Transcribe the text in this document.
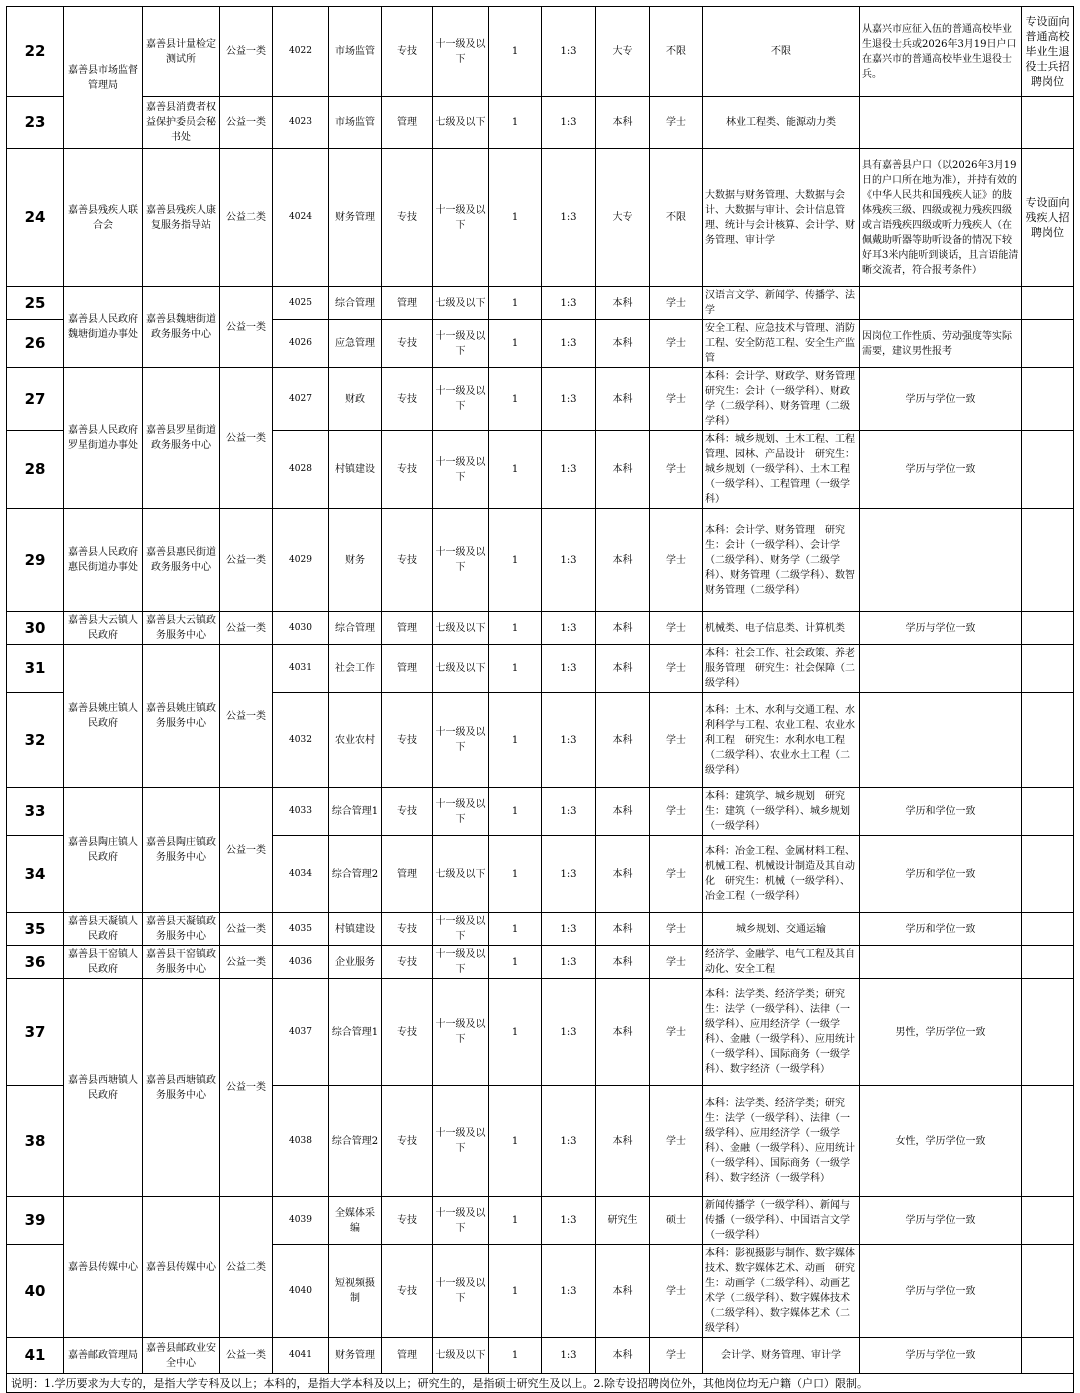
22	嘉善县市场监督管理局	嘉善县计量检定测试所	公益一类	4022	市场监管	专技	十一级及以下	1	1:3	大专	不限	不限	从嘉兴市应征入伍的普通高校毕业生退役士兵或2026年3月19日户口在嘉兴市的普通高校毕业生退役士兵。	专设面向普通高校毕业生退役士兵招聘岗位
23		嘉善县消费者权益保护委员会秘书处	公益一类	4023	市场监管	管理	七级及以下	1	1:3	本科	学士	林业工程类、能源动力类		
24	嘉善县残疾人联合会	嘉善县残疾人康复服务指导站	公益二类	4024	财务管理	专技	十一级及以下	1	1:3	大专	不限	大数据与财务管理、大数据与会计、大数据与审计、会计信息管理、统计与会计核算、会计学、财务管理、审计学	具有嘉善县户口（以2026年3月19日的户口所在地为准），并持有效的《中华人民共和国残疾人证》的肢体残疾三级、四级或视力残疾四级或言语残疾四级或听力残疾人（在佩戴助听器等助听设备的情况下较好耳3米内能听到谈话，且言语能清晰交流者，符合报考条件）	专设面向残疾人招聘岗位
25	嘉善县人民政府魏塘街道办事处	嘉善县魏塘街道政务服务中心	公益一类	4025	综合管理	管理	七级及以下	1	1:3	本科	学士	汉语言文学、新闻学、传播学、法学		
26				4026	应急管理	专技	十一级及以下	1	1:3	本科	学士	安全工程、应急技术与管理、消防工程、安全防范工程、安全生产监管	因岗位工作性质、劳动强度等实际需要，建议男性报考	
27	嘉善县人民政府罗星街道办事处	嘉善县罗星街道政务服务中心	公益一类	4027	财政	专技	十一级及以下	1	1:3	本科	学士	本科：会计学、财政学、财务管理　　研究生：会计（一级学科）、财政学（二级学科）、财务管理（二级学科）	学历与学位一致	
28				4028	村镇建设	专技	十一级及以下	1	1:3	本科	学士	本科：城乡规划、土木工程、工程管理、园林、产品设计　研究生：城乡规划（一级学科）、土木工程（一级学科）、工程管理（一级学科）	学历与学位一致	
29	嘉善县人民政府惠民街道办事处	嘉善县惠民街道政务服务中心	公益一类	4029	财务	专技	十一级及以下	1	1:3	本科	学士	本科：会计学、财务管理　研究生：会计（一级学科）、会计学（二级学科）、财务学（二级学科）、财务管理（二级学科）、数智财务管理（二级学科）		
30	嘉善县大云镇人民政府	嘉善县大云镇政务服务中心	公益一类	4030	综合管理	管理	七级及以下	1	1:3	本科	学士	机械类、电子信息类、计算机类	学历与学位一致	
31	嘉善县姚庄镇人民政府	嘉善县姚庄镇政务服务中心	公益一类	4031	社会工作	管理	七级及以下	1	1:3	本科	学士	本科：社会工作、社会政策、养老服务管理　研究生：社会保障（二级学科）		
32				4032	农业农村	专技	十一级及以下	1	1:3	本科	学士	本科：土木、水利与交通工程、水利科学与工程、农业工程、农业水利工程　研究生：水利水电工程（二级学科）、农业水土工程（二级学科）		
33	嘉善县陶庄镇人民政府	嘉善县陶庄镇政务服务中心	公益一类	4033	综合管理1	专技	十一级及以下	1	1:3	本科	学士	本科：建筑学、城乡规划　研究生：建筑（一级学科）、城乡规划（一级学科）	学历和学位一致	
34				4034	综合管理2	管理	七级及以下	1	1:3	本科	学士	本科：冶金工程、金属材料工程、机械工程、机械设计制造及其自动化　研究生：机械（一级学科）、冶金工程（一级学科）	学历和学位一致	
35	嘉善县天凝镇人民政府	嘉善县天凝镇政务服务中心	公益一类	4035	村镇建设	专技	十一级及以下	1	1:3	本科	学士	城乡规划、交通运输	学历和学位一致	
36	嘉善县干窑镇人民政府	嘉善县干窑镇政务服务中心	公益一类	4036	企业服务	专技	十一级及以下	1	1:3	本科	学士	经济学、金融学、电气工程及其自动化、安全工程		
37	嘉善县西塘镇人民政府	嘉善县西塘镇政务服务中心	公益一类	4037	综合管理1	专技	十一级及以下	1	1:3	本科	学士	本科：法学类、经济学类；研究生：法学（一级学科）、法律（一级学科）、应用经济学（一级学科）、金融（一级学科）、应用统计（一级学科）、国际商务（一级学科）、数字经济（一级学科）	男性，学历学位一致	
38				4038	综合管理2	专技	十一级及以下	1	1:3	本科	学士	本科：法学类、经济学类；研究生：法学（一级学科）、法律（一级学科）、应用经济学（一级学科）、金融（一级学科）、应用统计（一级学科）、国际商务（一级学科）、数字经济（一级学科）	女性，学历学位一致	
39	嘉善县传媒中心	嘉善县传媒中心	公益二类	4039	全媒体采编	专技	十一级及以下	1	1:3	研究生	硕士	新闻传播学（一级学科）、新闻与传播（一级学科）、中国语言文学（一级学科）	学历与学位一致	
40				4040	短视频摄制	专技	十一级及以下	1	1:3	本科	学士	本科：影视摄影与制作、数字媒体技术、数字媒体艺术、动画　研究生：动画学（二级学科）、动画艺术学（二级学科）、数字媒体技术（二级学科）、数字媒体艺术（二级学科）	学历与学位一致	
41	嘉善邮政管理局	嘉善县邮政业安全中心	公益一类	4041	财务管理	管理	七级及以下	1	1:3	本科	学士	会计学、财务管理、审计学	学历与学位一致	
说明：1.学历要求为大专的，是指大学专科及以上；本科的，是指大学本科及以上；研究生的，是指硕士研究生及以上。2.除专设招聘岗位外，其他岗位均无户籍（户口）限制。														
